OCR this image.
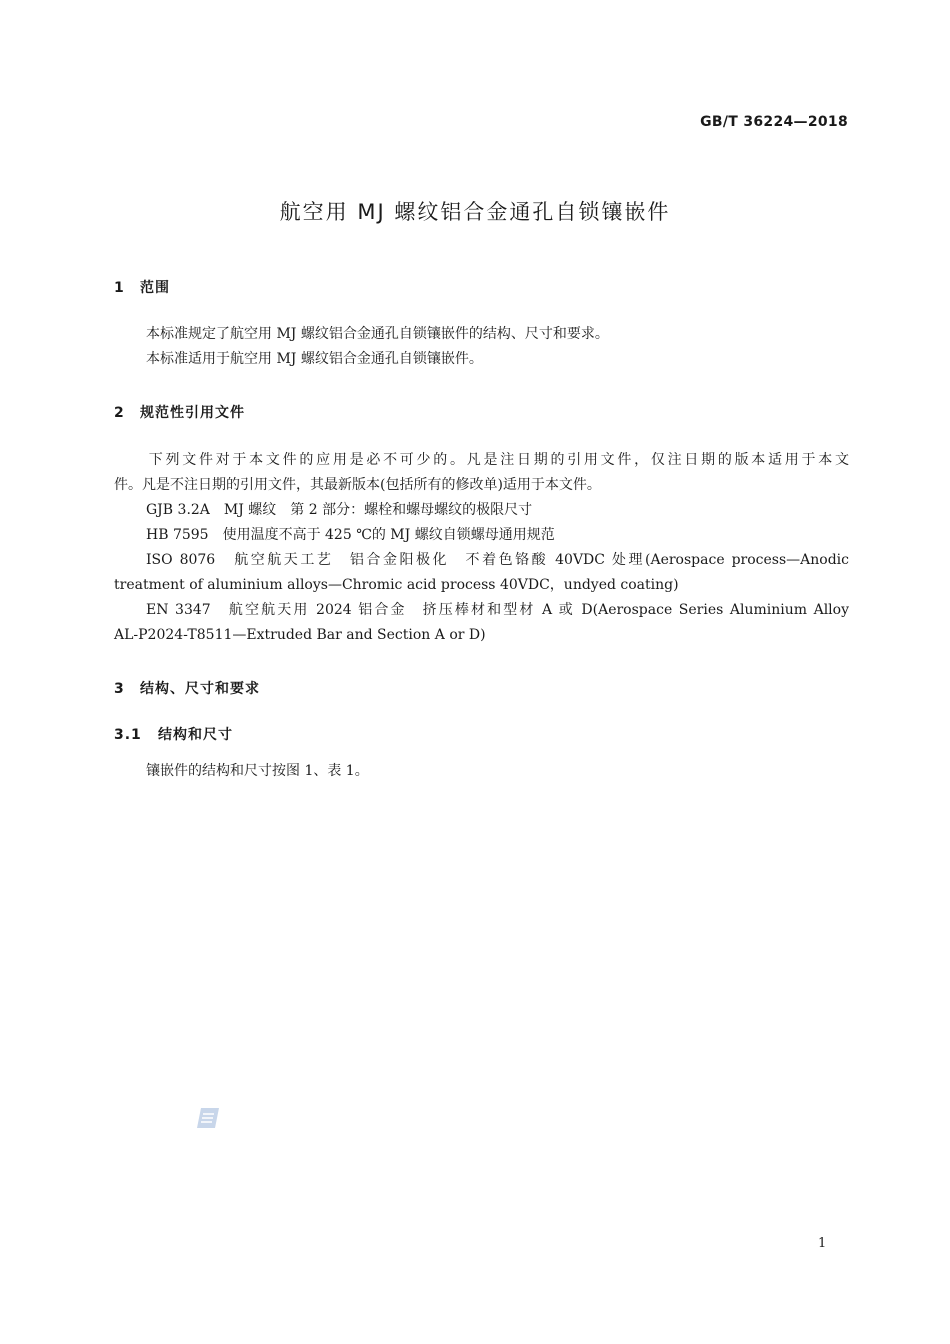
GB/T 36224—2018
航空用 MJ 螺纹铝合金通孔自锁镶嵌件
1 范围
本标准规定了航空用 MJ 螺纹铝合金通孔自锁镶嵌件的结构、尺寸和要求。
本标准适用于航空用 MJ 螺纹铝合金通孔自锁镶嵌件。
2 规范性引用文件
下列文件对于本文件的应用是必不可少的。凡是注日期的引用文件，仅注日期的版本适用于本文
件。凡是不注日期的引用文件，其最新版本(包括所有的修改单)适用于本文件。
GJB 3.2A　MJ 螺纹　第 2 部分：螺栓和螺母螺纹的极限尺寸
HB 7595　使用温度不高于 425 ℃的 MJ 螺纹自锁螺母通用规范
ISO 8076　航空航天工艺　铝合金阳极化　不着色铬酸 40VDC 处理(Aerospace process—Anodic
treatment of aluminium alloys—Chromic acid process 40VDC，undyed coating)
EN 3347　航空航天用 2024 铝合金　挤压棒材和型材 A 或 D(Aerospace Series Aluminium Alloy
AL-P2024-T8511—Extruded Bar and Section A or D)
3 结构、尺寸和要求
3.1 结构和尺寸
镶嵌件的结构和尺寸按图 1、表 1。
1
